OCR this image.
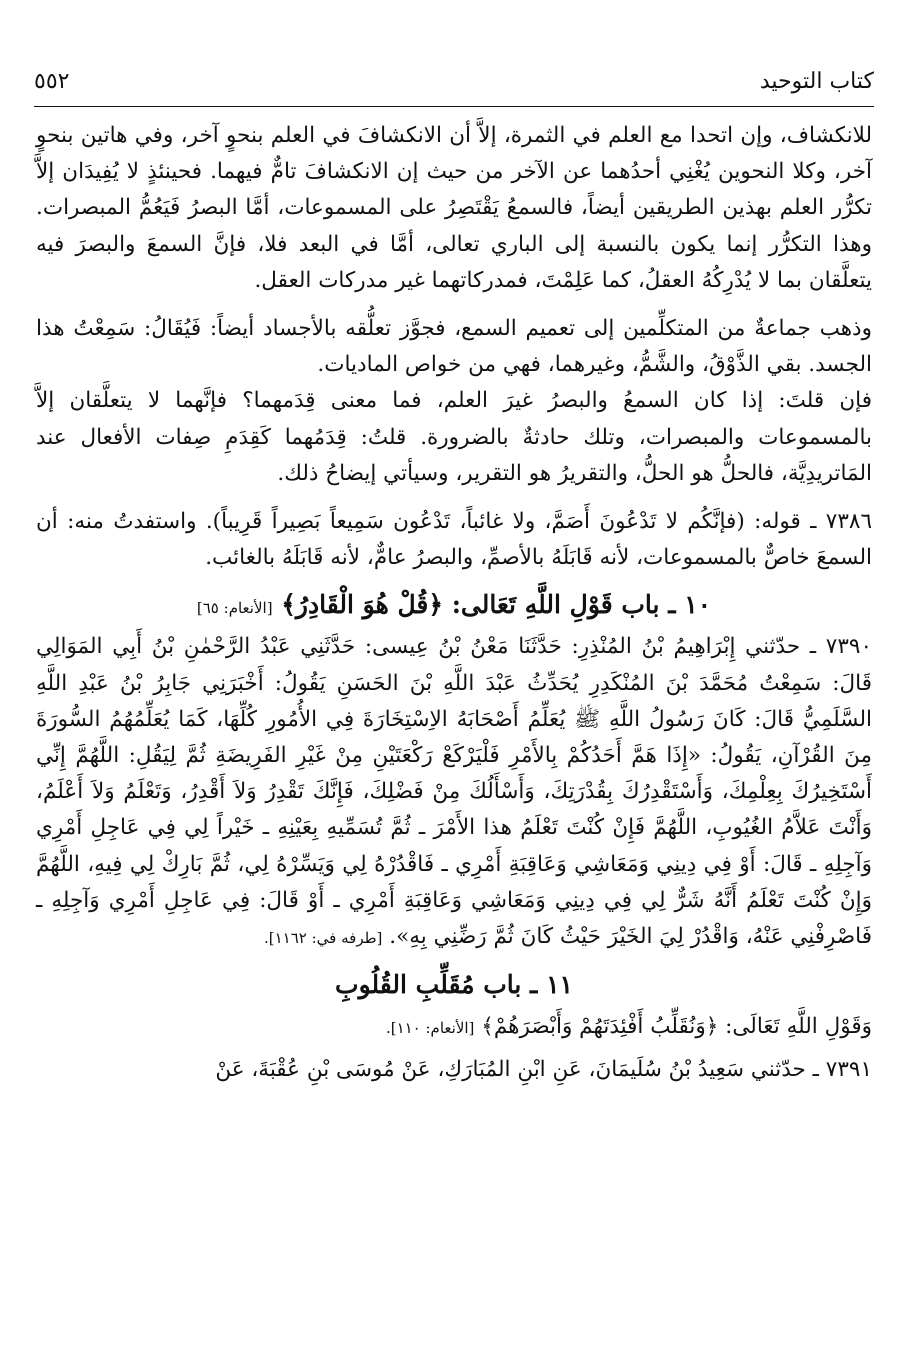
كتاب التوحيد
٥٥٢

للانكشاف، وإن اتحدا مع العلم في الثمرة، إلاَّ أن الانكشافَ في العلم بنحوٍ آخر، وفي هاتين بنحوٍ آخر، وكلا النحوين يُغْنِي أحدُهما عن الآخر من حيث إن الانكشافَ تامٌّ فيهما. فحينئذٍ لا يُفِيدَان إلاَّ تكرُّر العلم بهذين الطريقين أيضاً، فالسمعُ يَقْتَصِرُ على المسموعات، أمَّا البصرُ فَيَعُمُّ المبصرات. وهذا التكرُّر إنما يكون بالنسبة إلى الباري تعالى، أمَّا في البعد فلا، فإنَّ السمعَ والبصرَ فيه يتعلَّقان بما لا يُدْرِكُهُ العقلُ، كما عَلِمْتَ، فمدركاتهما غير مدركات العقل.

وذهب جماعةٌ من المتكلِّمين إلى تعميم السمع، فجوَّز تعلُّقه بالأجساد أيضاً: فَيُقَالُ: سَمِعْتُ هذا الجسد. بقي الذَّوْقُ، والشَّمُّ، وغيرهما، فهي من خواص الماديات.

فإن قلتَ: إذا كان السمعُ والبصرُ غيرَ العلم، فما معنى قِدَمهما؟ فإنَّهما لا يتعلَّقان إلاَّ بالمسموعات والمبصرات، وتلك حادثةٌ بالضرورة. قلتُ: قِدَمُهما كَقِدَمِ صِفات الأفعال عند المَاتريدِيَّة، فالحلُّ هو الحلُّ، والتقريرُ هو التقرير، وسيأتي إيضاحُ ذلك.

٧٣٨٦ ـ قوله: (فإنَّكُم لا تَدْعُونَ أَصَمَّ، ولا غائباً، تَدْعُون سَمِيعاً بَصِيراً قَرِيباً). واستفدتُ منه: أن السمعَ خاصٌّ بالمسموعات، لأنه قَابَلَهُ بالأصمِّ، والبصرُ عامٌّ، لأنه قَابَلَهُ بالغائب.

١٠ ـ باب قَوْلِ اللَّهِ تَعَالى: ﴿قُلْ هُوَ الْقَادِرُ﴾ [الأنعام: ٦٥]

٧٣٩٠ ـ حدّثني إِبْرَاهِيمُ بْنُ المُنْذِرِ: حَدَّثَنَا مَعْنُ بْنُ عِيسى: حَدَّثَنِي عَبْدُ الرَّحْمٰنِ بْنُ أَبِي المَوَالِي قَالَ: سَمِعْتُ مُحَمَّدَ بْنَ المُنْكَدِرِ يُحَدِّثُ عَبْدَ اللَّهِ بْنَ الحَسَنِ يَقُولُ: أَخْبَرَنِي جَابِرُ بْنُ عَبْدِ اللَّهِ السَّلَمِيُّ قَالَ: كَانَ رَسُولُ اللَّهِ ﷺ يُعَلِّمُ أَصْحَابَهُ الاِسْتِخَارَةَ فِي الأُمُورِ كُلِّهَا، كَمَا يُعَلِّمُهُمُ السُّورَةَ مِنَ القُرْآنِ، يَقُولُ: «إِذَا هَمَّ أَحَدُكُمْ بِالأَمْرِ فَلْيَرْكَعْ رَكْعَتَيْنِ مِنْ غَيْرِ الفَرِيضَةِ ثُمَّ لِيَقُلِ: اللَّهُمَّ إِنِّي أَسْتَخِيرُكَ بِعِلْمِكَ، وَأَسْتَقْدِرُكَ بِقُدْرَتِكَ، وَأَسْأَلُكَ مِنْ فَضْلِكَ، فَإِنَّكَ تَقْدِرُ وَلاَ أَقْدِرُ، وَتَعْلَمُ وَلاَ أَعْلَمُ، وَأَنْتَ عَلاَّمُ الغُيُوبِ، اللَّهُمَّ فَإِنْ كُنْتَ تَعْلَمُ هذا الأَمْرَ ـ ثُمَّ تُسَمِّيهِ بِعَيْنِهِ ـ خَيْراً لِي فِي عَاجِلِ أَمْرِي وَآجِلِهِ ـ قَالَ: أَوْ فِي دِينِي وَمَعَاشِي وَعَاقِبَةِ أَمْرِي ـ فَاقْدُرْهُ لِي وَيَسِّرْهُ لِي، ثُمَّ بَارِكْ لِي فِيهِ، اللَّهُمَّ وَإِنْ كُنْتَ تَعْلَمُ أَنَّهُ شَرٌّ لِي فِي دِينِي وَمَعَاشِي وَعَاقِبَةِ أَمْرِي ـ أَوْ قَالَ: فِي عَاجِلِ أَمْرِي وَآجِلِهِ ـ فَاصْرِفْنِي عَنْهُ، وَاقْدُرْ لِيَ الخَيْرَ حَيْثُ كَانَ ثُمَّ رَضِّنِي بِهِ». [طرفه في: ١١٦٢].

١١ ـ باب مُقَلِّبِ القُلُوبِ

وَقَوْلِ اللَّهِ تَعَالَى: ﴿وَنُقَلِّبُ أَفْئِدَتَهُمْ وَأَبْصَرَهُمْ﴾ [الأنعام: ١١٠].

٧٣٩١ ـ حدّثني سَعِيدُ بْنُ سُلَيمَانَ، عَنِ ابْنِ المُبَارَكِ، عَنْ مُوسَى بْنِ عُقْبَةَ، عَنْ
